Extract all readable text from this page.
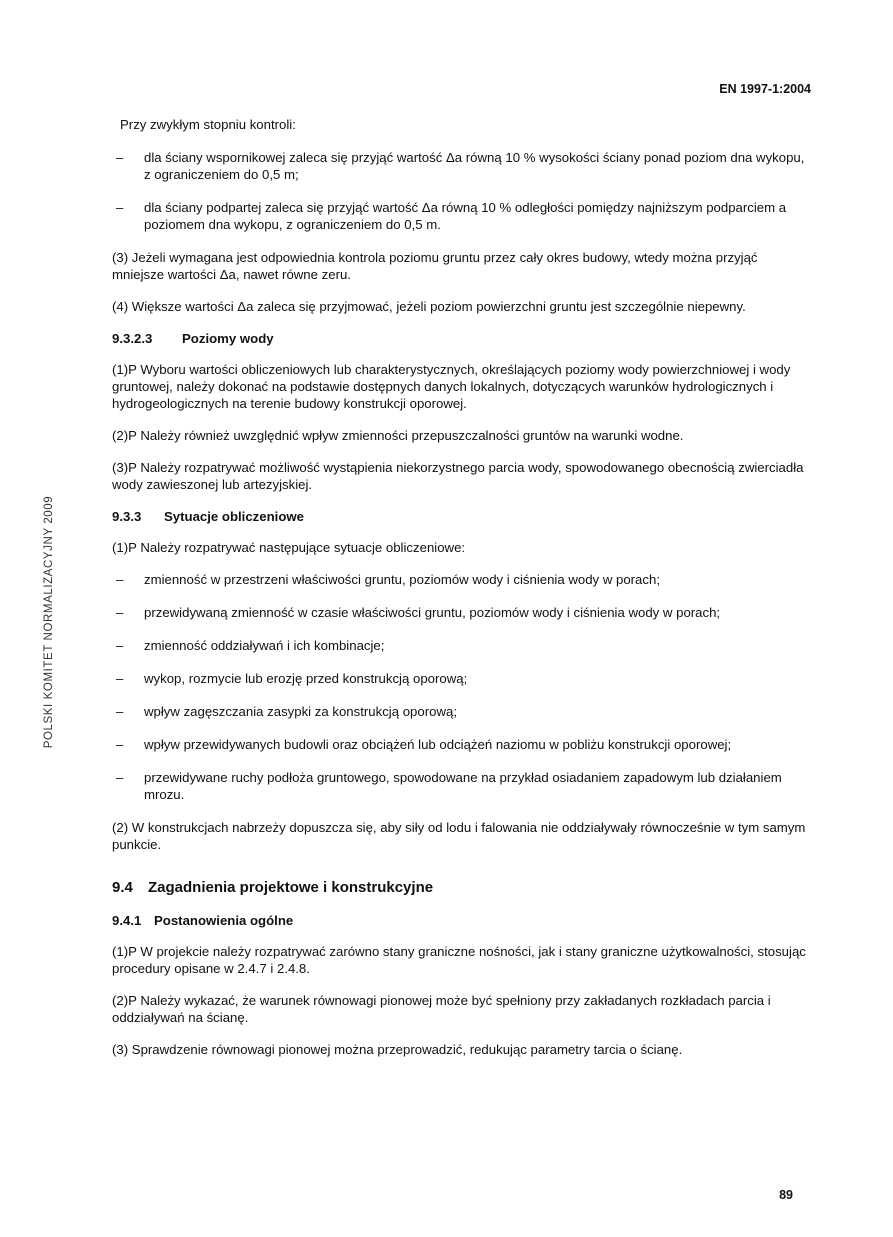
EN 1997-1:2004
POLSKI KOMITET NORMALIZACYJNY 2009

Przy zwykłym stopniu kontroli:

– dla ściany wspornikowej zaleca się przyjąć wartość Δa równą 10 % wysokości ściany ponad poziom dna wykopu, z ograniczeniem do 0,5 m;
– dla ściany podpartej zaleca się przyjąć wartość Δa równą 10 % odległości pomiędzy najniższym podparciem a poziomem dna wykopu, z ograniczeniem do 0,5 m.

(3) Jeżeli wymagana jest odpowiednia kontrola poziomu gruntu przez cały okres budowy, wtedy można przyjąć mniejsze wartości Δa, nawet równe zeru.

(4) Większe wartości Δa zaleca się przyjmować, jeżeli poziom powierzchni gruntu jest szczególnie niepewny.

9.3.2.3 Poziomy wody

(1)P Wyboru wartości obliczeniowych lub charakterystycznych, określających poziomy wody powierzchniowej i wody gruntowej, należy dokonać na podstawie dostępnych danych lokalnych, dotyczących warunków hydrologicznych i hydrogeologicznych na terenie budowy konstrukcji oporowej.

(2)P Należy również uwzględnić wpływ zmienności przepuszczalności gruntów na warunki wodne.

(3)P Należy rozpatrywać możliwość wystąpienia niekorzystnego parcia wody, spowodowanego obecnością zwierciadła wody zawieszonej lub artezyjskiej.

9.3.3 Sytuacje obliczeniowe

(1)P Należy rozpatrywać następujące sytuacje obliczeniowe:

– zmienność w przestrzeni właściwości gruntu, poziomów wody i ciśnienia wody w porach;
– przewidywaną zmienność w czasie właściwości gruntu, poziomów wody i ciśnienia wody w porach;
– zmienność oddziaływań i ich kombinacje;
– wykop, rozmycie lub erozję przed konstrukcją oporową;
– wpływ zagęszczania zasypki za konstrukcją oporową;
– wpływ przewidywanych budowli oraz obciążeń lub odciążeń naziomu w pobliżu konstrukcji oporowej;
– przewidywane ruchy podłoża gruntowego, spowodowane na przykład osiadaniem zapadowym lub działaniem mrozu.

(2) W konstrukcjach nabrzeży dopuszcza się, aby siły od lodu i falowania nie oddziaływały równocześnie w tym samym punkcie.

9.4 Zagadnienia projektowe i konstrukcyjne
9.4.1 Postanowienia ogólne

(1)P W projekcie należy rozpatrywać zarówno stany graniczne nośności, jak i stany graniczne użytkowalności, stosując procedury opisane w 2.4.7 i 2.4.8.

(2)P Należy wykazać, że warunek równowagi pionowej może być spełniony przy zakładanych rozkładach parcia i oddziaływań na ścianę.

(3) Sprawdzenie równowagi pionowej można przeprowadzić, redukując parametry tarcia o ścianę.

89
